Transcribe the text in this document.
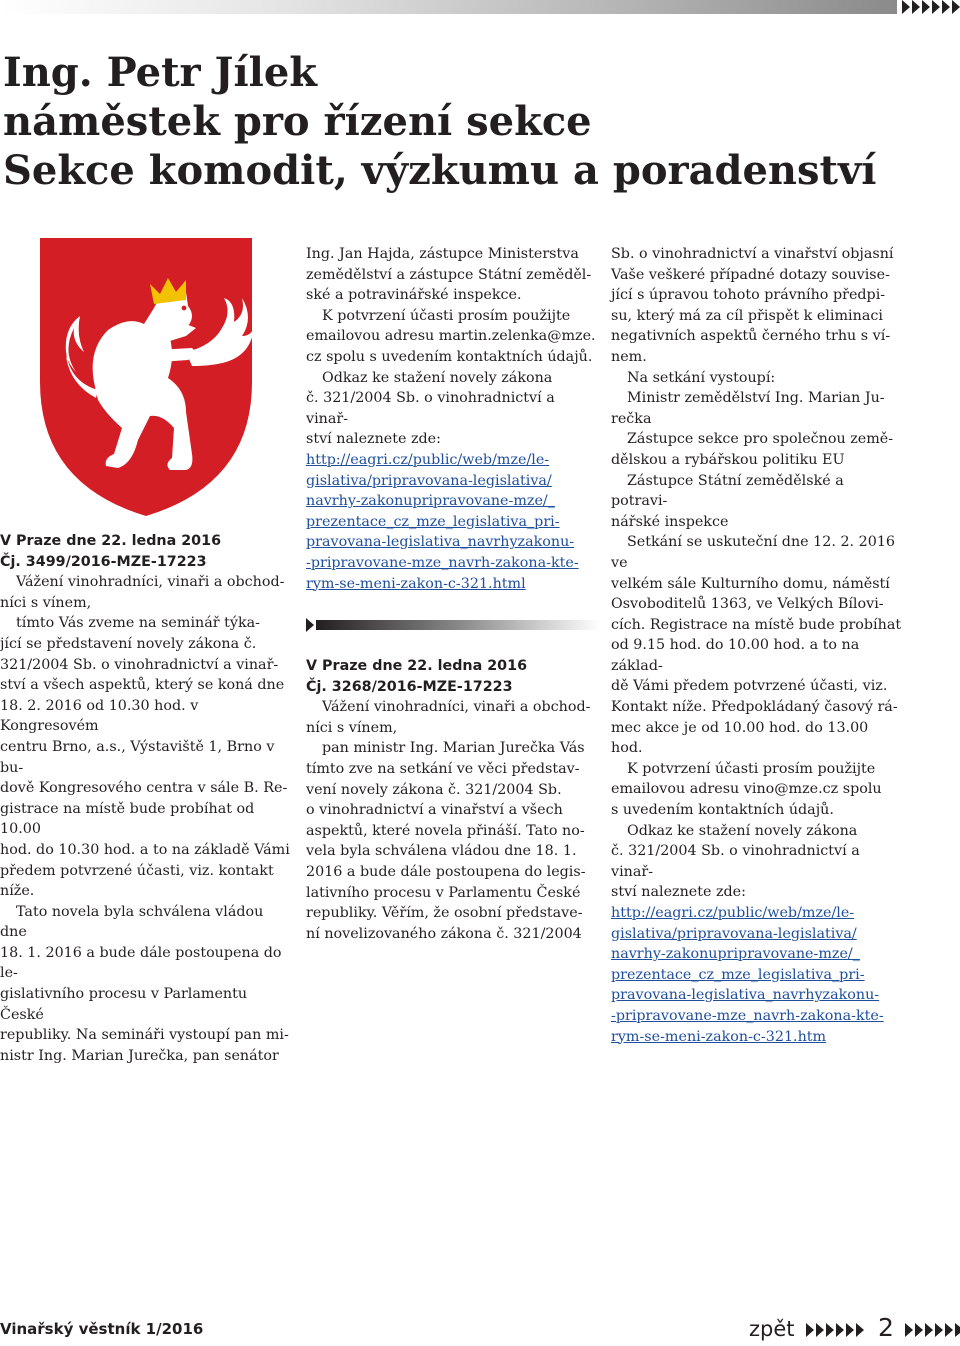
Ing. Petr Jílek
náměstek pro řízení sekce
Sekce komodit, výzkumu a poradenství

V Praze dne 22. ledna 2016

Čj. 3499/2016-MZE-17223

Vážení vinohradníci, vinaři a obchod-

níci s vínem,

tímto Vás zveme na seminář týka-

jící se představení novely zákona č.

321/2004 Sb. o vinohradnictví a vinař-

ství a všech aspektů, který se koná dne

18. 2. 2016 od 10.30 hod. v Kongresovém

centru Brno, a.s., Výstaviště 1, Brno v bu-

dově Kongresového centra v sále B. Re-

gistrace na místě bude probíhat od 10.00

hod. do 10.30 hod. a to na základě Vámi

předem potvrzené účasti, viz. kontakt

níže.

Tato novela byla schválena vládou dne

18. 1. 2016 a bude dále postoupena do le-

gislativního procesu v Parlamentu České

republiky. Na semináři vystoupí pan mi-

nistr Ing. Marian Jurečka, pan senátor

Ing. Jan Hajda, zástupce Ministerstva

zemědělství a zástupce Státní zeměděl-

ské a potravinářské inspekce.

K potvrzení účasti prosím použijte

emailovou adresu martin.zelenka@mze.

cz spolu s uvedením kontaktních údajů.

Odkaz ke stažení novely zákona

č. 321/2004 Sb. o vinohradnictví a vinař-

ství naleznete zde:

http://eagri.cz/public/web/mze/le-
gislativa/pripravovana-legislativa/
navrhy-zakonupripravovane-mze/_
prezentace_cz_mze_legislativa_pri-
pravovana-legislativa_navrhyzakonu-
-pripravovane-mze_navrh-zakona-kte-
rym-se-meni-zakon-c-321.html

V Praze dne 22. ledna 2016

Čj. 3268/2016-MZE-17223

Vážení vinohradníci, vinaři a obchod-

níci s vínem,

pan ministr Ing. Marian Jurečka Vás

tímto zve na setkání ve věci představ-

vení novely zákona č. 321/2004 Sb.

o vinohradnictví a vinařství a všech

aspektů, které novela přináší. Tato no-

vela byla schválena vládou dne 18. 1.

2016 a bude dále postoupena do legis-

lativního procesu v Parlamentu České

republiky. Věřím, že osobní představe-

ní novelizovaného zákona č. 321/2004

Sb. o vinohradnictví a vinařství objasní

Vaše veškeré případné dotazy souvise-

jící s úpravou tohoto právního předpi-

su, který má za cíl přispět k eliminaci

negativních aspektů černého trhu s ví-

nem.

Na setkání vystoupí:

Ministr zemědělství Ing. Marian Ju-

rečka

Zástupce sekce pro společnou země-

dělskou a rybářskou politiku EU

Zástupce Státní zemědělské a potravi-

nářské inspekce

Setkání se uskuteční dne 12. 2. 2016 ve

velkém sále Kulturního domu, náměstí

Osvoboditelů 1363, ve Velkých Bílovi-

cích. Registrace na místě bude probíhat

od 9.15 hod. do 10.00 hod. a to na základ-

dě Vámi předem potvrzené účasti, viz.

Kontakt níže. Předpokládaný časový rá-

mec akce je od 10.00 hod. do 13.00 hod.

K potvrzení účasti prosím použijte

emailovou adresu vino@mze.cz spolu

s uvedením kontaktních údajů.

Odkaz ke stažení novely zákona

č. 321/2004 Sb. o vinohradnictví a vinař-

ství naleznete zde:

http://eagri.cz/public/web/mze/le-
gislativa/pripravovana-legislativa/
navrhy-zakonupripravovane-mze/_
prezentace_cz_mze_legislativa_pri-
pravovana-legislativa_navrhyzakonu-
-pripravovane-mze_navrh-zakona-kte-
rym-se-meni-zakon-c-321.htm
Vinařský věstník 1/2016	zpět	2
